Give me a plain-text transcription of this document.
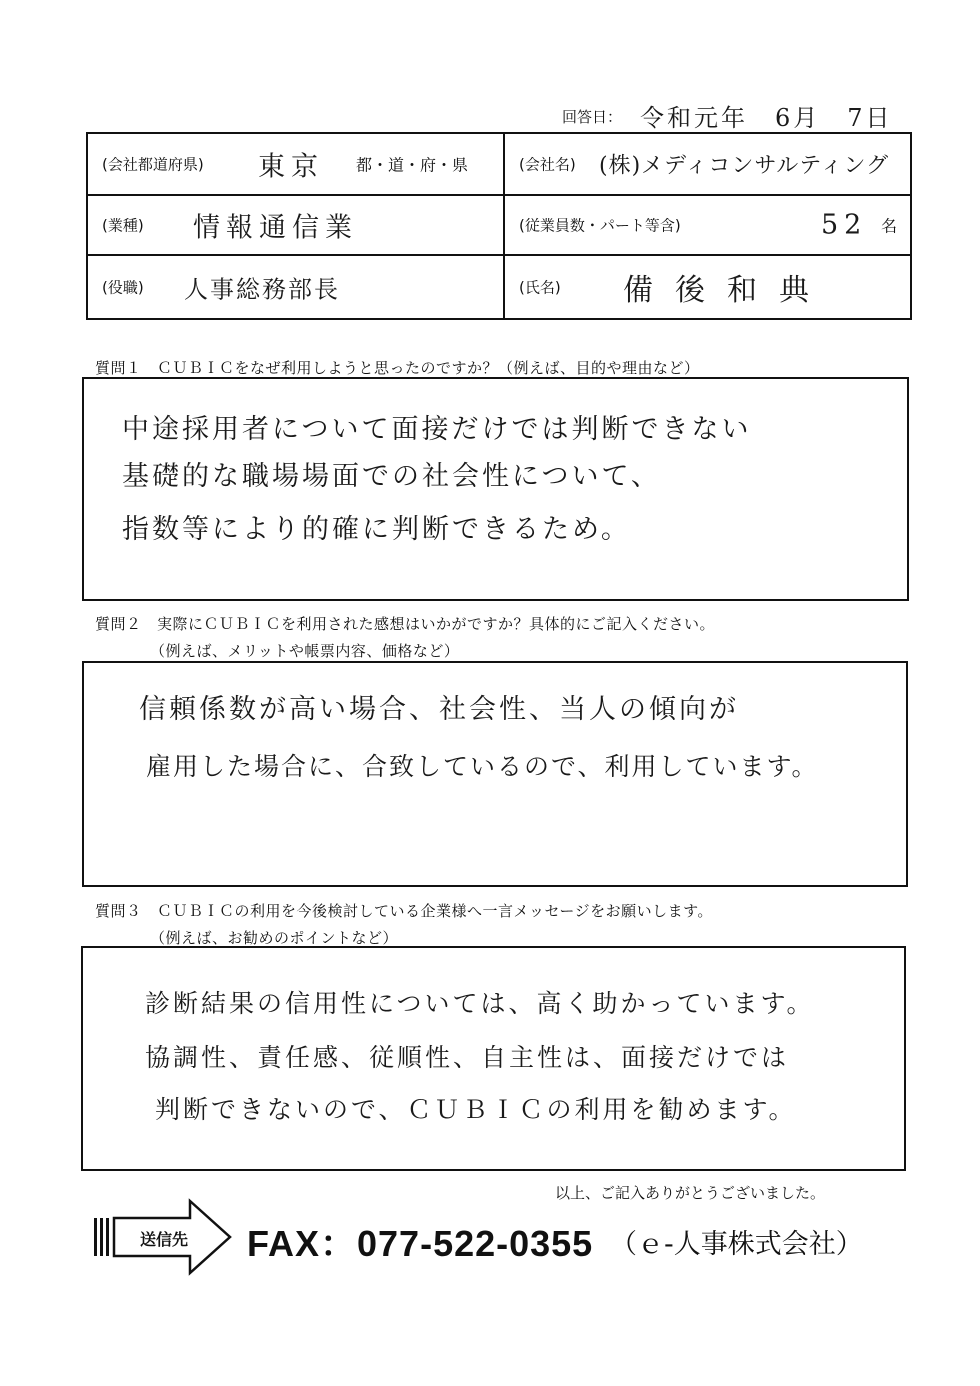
回答日： 令和元年　6月　7日
(会社都道府県) 東京 都・道・府・県	(会社名) (株)メディコンサルティング

(業種) 情報通信業	(従業員数・パート等含) 52 名

(役職) 人事総務部長	(氏名) 備後和典
質問１　ＣＵＢＩＣをなぜ利用しようと思ったのですか？（例えば、目的や理由など）
中途採用者について面接だけでは判断できない
基礎的な職場場面での社会性について、
指数等により的確に判断できるため。
質問２　実際にＣＵＢＩＣを利用された感想はいかがですか？具体的にご記入ください。
（例えば、メリットや帳票内容、価格など）
信頼係数が高い場合、社会性、当人の傾向が
雇用した場合に、合致しているので、利用しています。
質問３　ＣＵＢＩＣの利用を今後検討している企業様へ一言メッセージをお願いします。
（例えば、お勧めのポイントなど）
診断結果の信用性については、高く助かっています。
協調性、責任感、従順性、自主性は、面接だけでは
判断できないので、ＣＵＢＩＣの利用を勧めます。
以上、ご記入ありがとうございました。
送信先 FAX：077-522-0355 （ｅ-人事株式会社）
